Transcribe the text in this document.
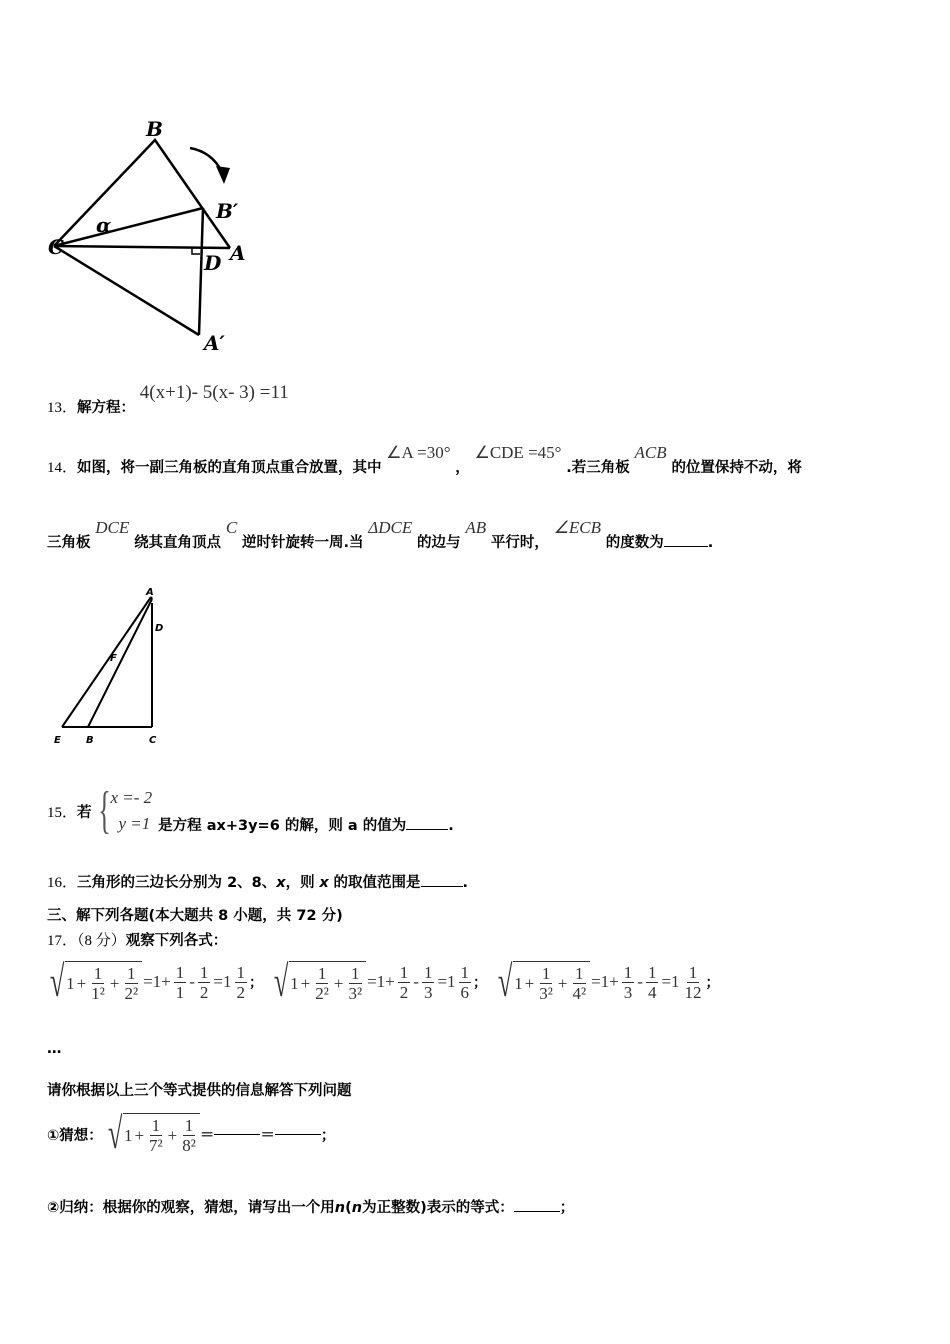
B
B′
α
C
D A
A′
13．解方程： 4(x+1)- 5(x- 3) =11
14．如图，将一副三角板的直角顶点重合放置，其中 ∠A =30° ， ∠CDE =45° .若三角板 ACB 的位置保持不动，将
三角板 DCE 绕其直角顶点 C 逆时针旋转一周.当 ΔDCE 的边与 AB 平行时， ∠ECB 的度数为	.
A
D
F
E	B	C
15． 若 { x =- 2
y =1 是方程 ax+3y=6 的解，则 a 的值为	.
16．三角形的三边长分别为 2、8、x，则 x 的取值范围是	.
三、解下列各题(本大题共 8 小题，共 72 分)
17．（8 分）观察下列各式：
√ $1 + \frac{1}{\text{1²}} + \frac{1}{\text{2²}} =1+ \frac{1}{1} - \frac{1}{2} =1 \frac{1}{2}$ ； √ $1 + \frac{1}{\text{2²}} + \frac{1}{\text{3²}} =1+ \frac{1}{2} - \frac{1}{3} =1 \frac{1}{6}$ ； √ $1 + \frac{1}{\text{3²}} + \frac{1}{\text{4²}} =1+ \frac{1}{3} - \frac{1}{4} =1 \frac{1}{12}$ ；
…
请你根据以上三个等式提供的信息解答下列问题
①猜想： √ $1 + \frac{1}{\text{7²}} + \frac{1}{\text{8²}}$ ＝	＝	；
②归纳：根据你的观察，猜想，请写出一个用n(n为正整数)表示的等式：	；
